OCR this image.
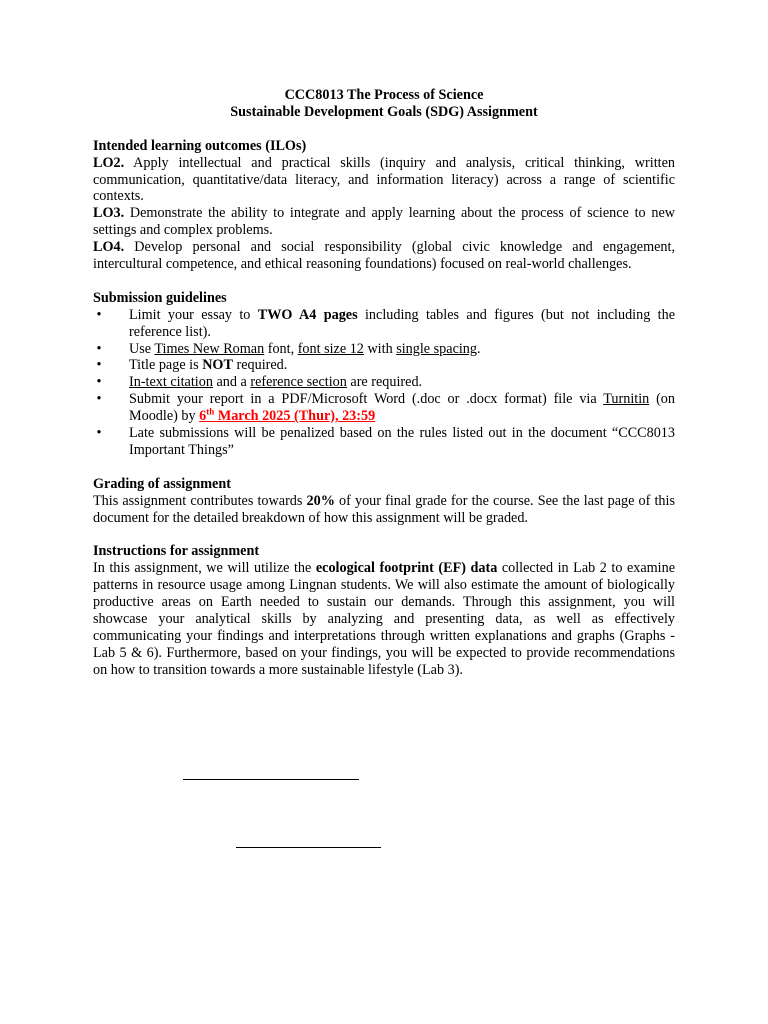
CCC8013 The Process of Science

Sustainable Development Goals (SDG) Assignment

Intended learning outcomes (ILOs)

LO2. Apply intellectual and practical skills (inquiry and analysis, critical thinking, written communication, quantitative/data literacy, and information literacy) across a range of scientific contexts.

LO3. Demonstrate the ability to integrate and apply learning about the process of science to new settings and complex problems.

LO4. Develop personal and social responsibility (global civic knowledge and engagement, intercultural competence, and ethical reasoning foundations) focused on real-world challenges.

Submission guidelines

• Limit your essay to TWO A4 pages including tables and figures (but not including the reference list).
• Use Times New Roman font, font size 12 with single spacing.
• Title page is NOT required.
• In-text citation and a reference section are required.
• Submit your report in a PDF/Microsoft Word (.doc or .docx format) file via Turnitin (on Moodle) by 6th March 2025 (Thur), 23:59
• Late submissions will be penalized based on the rules listed out in the document “CCC8013 Important Things”

Grading of assignment

This assignment contributes towards 20% of your final grade for the course. See the last page of this document for the detailed breakdown of how this assignment will be graded.

Instructions for assignment

In this assignment, we will utilize the ecological footprint (EF) data collected in Lab 2 to examine patterns in resource usage among Lingnan students. We will also estimate the amount of biologically productive areas on Earth needed to sustain our demands. Through this assignment, you will showcase your analytical skills by analyzing and presenting data, as well as effectively communicating your findings and interpretations through written explanations and graphs (Graphs - Lab 5 & 6). Furthermore, based on your findings, you will be expected to provide recommendations on how to transition towards a more sustainable lifestyle (Lab 3).
